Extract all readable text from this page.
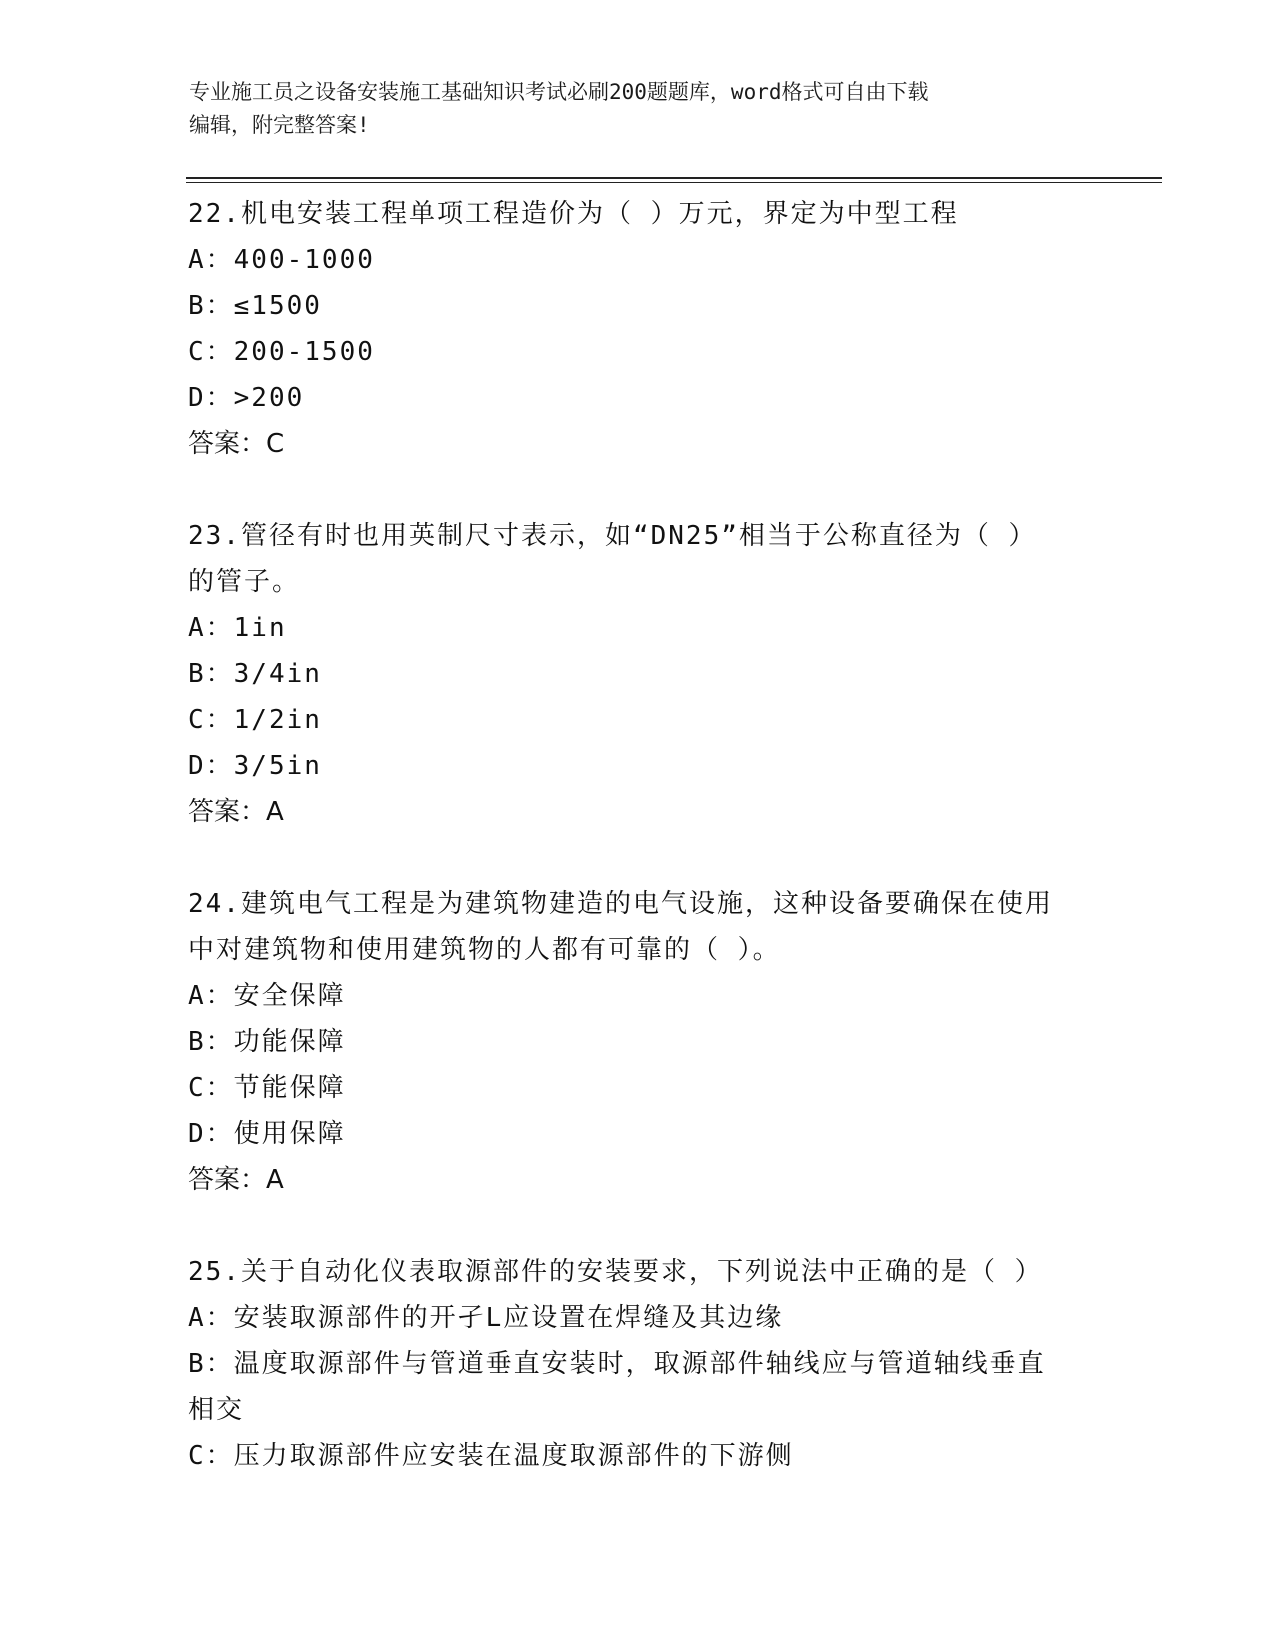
专业施工员之设备安装施工基础知识考试必刷200题题库，word格式可自由下载
编辑，附完整答案!
22.机电安装工程单项工程造价为（ ）万元，界定为中型工程
A：400-1000
B：≤1500
C：200-1500
D：>200
答案：C
23.管径有时也用英制尺寸表示，如“DN25”相当于公称直径为（ ）
的管子。
A：1in
B：3/4in
C：1/2in
D：3/5in
答案：A
24.建筑电气工程是为建筑物建造的电气设施，这种设备要确保在使用
中对建筑物和使用建筑物的人都有可靠的（ ）。
A：安全保障
B：功能保障
C：节能保障
D：使用保障
答案：A
25.关于自动化仪表取源部件的安装要求，下列说法中正确的是（ ）
A：安装取源部件的开孑L应设置在焊缝及其边缘
B：温度取源部件与管道垂直安装时，取源部件轴线应与管道轴线垂直
相交
C：压力取源部件应安装在温度取源部件的下游侧
